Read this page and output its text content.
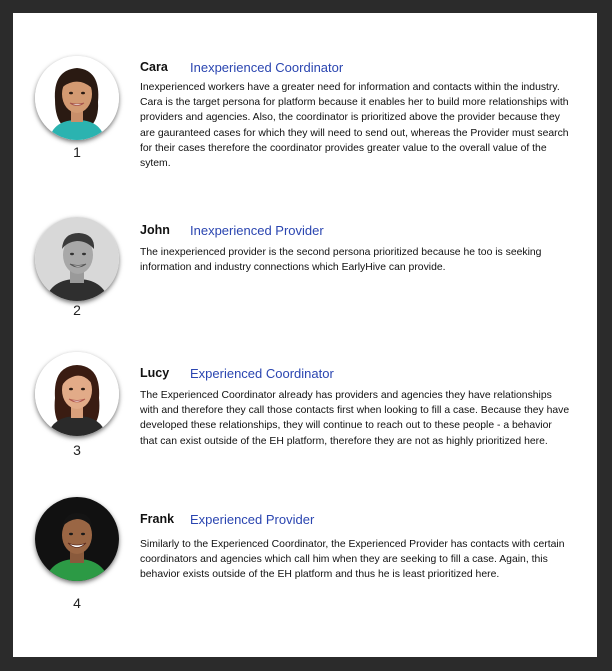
1
Cara Inexperienced Coordinator

Inexperienced workers have a greater need for information and contacts within the industry. Cara is the target persona for platform because it enables her to build more relationships with providers and agencies. Also, the coordinator is prioritized above the provider because they are gauranteed cases for which they will need to send out, whereas the Provider must search for their cases therefore the coordinator provides greater value to the overall value of the sytem.

2
John Inexperienced Provider

The inexperienced provider is the second persona prioritized because he too is seeking information and industry connections which EarlyHive can provide.

3
Lucy Experienced Coordinator

The Experienced Coordinator already has providers and agencies they have relationships with and therefore they call those contacts first when looking to fill a case. Because they have developed these relationships, they will continue to reach out to these people - a behavior that can exist outside of the EH platform, therefore they are not as highly prioritized here.

4
Frank Experienced Provider

Similarly to the Experienced Coordinator, the Experienced Provider has contacts with certain coordinators and agencies which call him when they are seeking to fill a case. Again, this behavior exists outside of the EH platform and thus he is least prioritized here.
